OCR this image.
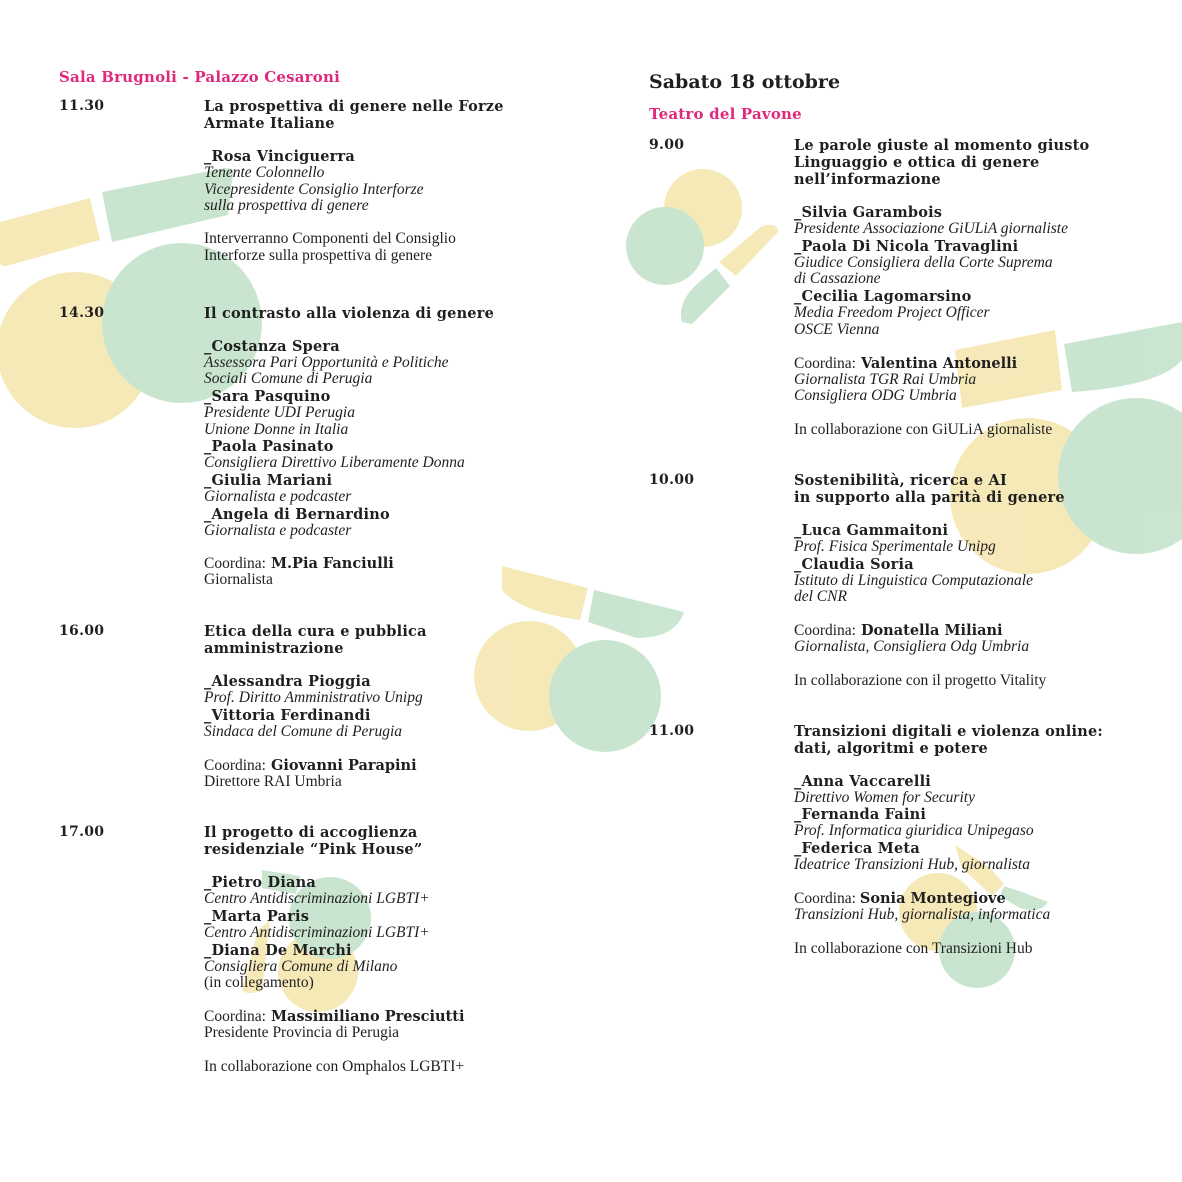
Sala Brugnoli - Palazzo Cesaroni
11.30	La prospettiva di genere nelle Forze
Armate Italiane
_Rosa Vinciguerra
Tenente Colonnello
Vicepresidente Consiglio Interforze
sulla prospettiva di genere
Interverranno Componenti del Consiglio
Interforze sulla prospettiva di genere
14.30	Il contrasto alla violenza di genere
_Costanza Spera
Assessora Pari Opportunità e Politiche
Sociali Comune di Perugia
_Sara Pasquino
Presidente UDI Perugia
Unione Donne in Italia
_Paola Pasinato
Consigliera Direttivo Liberamente Donna
_Giulia Mariani
Giornalista e podcaster
_Angela di Bernardino
Giornalista e podcaster
Coordina: M.Pia Fanciulli
Giornalista
16.00	Etica della cura e pubblica
amministrazione
_Alessandra Pioggia
Prof. Diritto Amministrativo Unipg
_Vittoria Ferdinandi
Sindaca del Comune di Perugia
Coordina: Giovanni Parapini
Direttore RAI Umbria
17.00	Il progetto di accoglienza
residenziale “Pink House”
_Pietro Diana
Centro Antidiscriminazioni LGBTI+
_Marta Paris
Centro Antidiscriminazioni LGBTI+
_Diana De Marchi
Consigliera Comune di Milano
(in collegamento)
Coordina: Massimiliano Presciutti
Presidente Provincia di Perugia
In collaborazione con Omphalos LGBTI+
Sabato 18 ottobre
Teatro del Pavone
9.00	Le parole giuste al momento giusto
Linguaggio e ottica di genere
nell’informazione
_Silvia Garambois
Presidente Associazione GiULiA giornaliste
_Paola Di Nicola Travaglini
Giudice Consigliera della Corte Suprema
di Cassazione
_Cecilia Lagomarsino
Media Freedom Project Officer
OSCE Vienna
Coordina: Valentina Antonelli
Giornalista TGR Rai Umbria
Consigliera ODG Umbria
In collaborazione con GiULiA giornaliste
10.00	Sostenibilità, ricerca e AI
in supporto alla parità di genere
_Luca Gammaitoni
Prof. Fisica Sperimentale Unipg
_Claudia Soria
Istituto di Linguistica Computazionale
del CNR
Coordina: Donatella Miliani
Giornalista, Consigliera Odg Umbria
In collaborazione con il progetto Vitality
11.00	Transizioni digitali e violenza online:
dati, algoritmi e potere
_Anna Vaccarelli
Direttivo Women for Security
_Fernanda Faini
Prof. Informatica giuridica Unipegaso
_Federica Meta
Ideatrice Transizioni Hub, giornalista
Coordina: Sonia Montegiove
Transizioni Hub, giornalista, informatica
In collaborazione con Transizioni Hub
